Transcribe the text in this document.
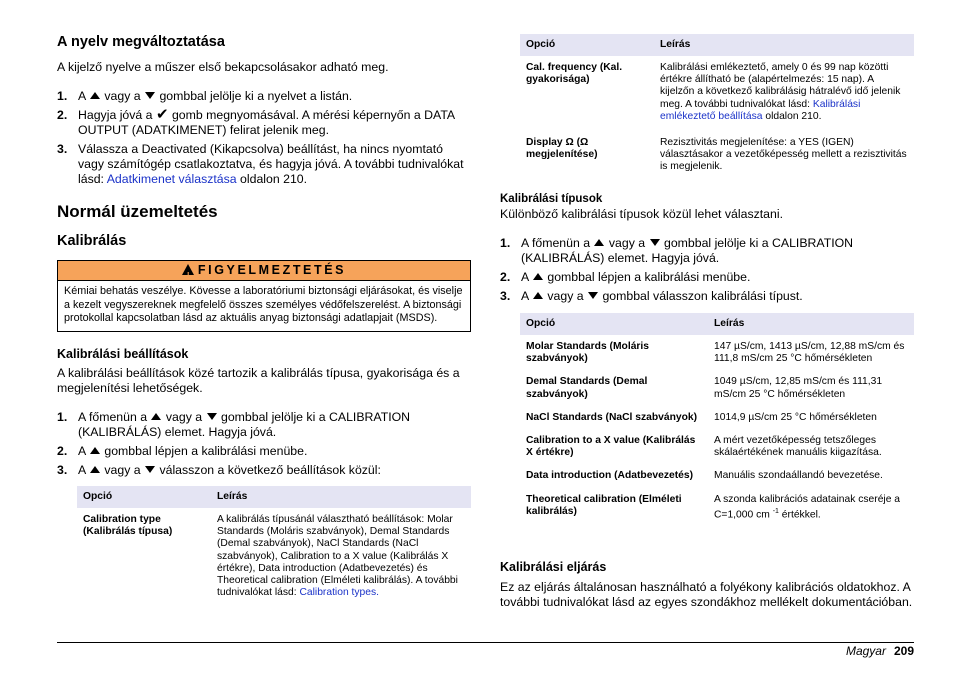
A nyelv megváltoztatása

A kijelző nyelve a műszer első bekapcsolásakor adható meg.

1. A vagy a gombbal jelölje ki a nyelvet a listán.
2. Hagyja jóvá a ✔ gomb megnyomásával. A mérési képernyőn a DATA OUTPUT (ADATKIMENET) felirat jelenik meg.
3. Válassza a Deactivated (Kikapcsolva) beállítást, ha nincs nyomtató vagy számítógép csatlakoztatva, és hagyja jóvá. A további tudnivalókat lásd: Adatkimenet választása oldalon 210.
Normál üzemeltetés
Kalibrálás
! FIGYELMEZTETÉS
Kémiai behatás veszélye. Kövesse a laboratóriumi biztonsági eljárásokat, és viselje a kezelt vegyszereknek megfelelő összes személyes védőfelszerelést. A biztonsági protokollal kapcsolatban lásd az aktuális anyag biztonsági adatlapjait (MSDS).
Kalibrálási beállítások

A kalibrálási beállítások közé tartozik a kalibrálás típusa, gyakorisága és a megjelenítési lehetőségek.

1. A főmenün a vagy a gombbal jelölje ki a CALIBRATION (KALIBRÁLÁS) elemet. Hagyja jóvá.
2. A gombbal lépjen a kalibrálási menübe.
3. A vagy a válasszon a következő beállítások közül:
Opció	Leírás
Calibration type (Kalibrálás típusa)	A kalibrálás típusánál választható beállítások: Molar Standards (Moláris szabványok), Demal Standards (Demal szabványok), NaCl Standards (NaCl szabványok), Calibration to a X value (Kalibrálás X értékre), Data introduction (Adatbevezetés) és Theoretical calibration (Elméleti kalibrálás). A további tudnivalókat lásd: Calibration types.
Opció	Leírás
Cal. frequency (Kal. gyakorisága)	Kalibrálási emlékeztető, amely 0 és 99 nap közötti értékre állítható be (alapértelmezés: 15 nap). A kijelzőn a következő kalibrálásig hátralévő idő jelenik meg. A további tudnivalókat lásd: Kalibrálási emlékeztető beállítása oldalon 210.
Display Ω (Ω megjelenítése)	Rezisztivitás megjelenítése: a YES (IGEN) választásakor a vezetőképesség mellett a rezisztivitás is megjelenik.
Kalibrálási típusok

Különböző kalibrálási típusok közül lehet választani.

1. A főmenün a vagy a gombbal jelölje ki a CALIBRATION (KALIBRÁLÁS) elemet. Hagyja jóvá.
2. A gombbal lépjen a kalibrálási menübe.
3. A vagy a gombbal válasszon kalibrálási típust.
Opció	Leírás
Molar Standards (Moláris szabványok)	147 µS/cm, 1413 µS/cm, 12,88 mS/cm és 111,8 mS/cm 25 °C hőmérsékleten
Demal Standards (Demal szabványok)	1049 µS/cm, 12,85 mS/cm és 111,31 mS/cm 25 °C hőmérsékleten
NaCl Standards (NaCl szabványok)	1014,9 µS/cm 25 °C hőmérsékleten
Calibration to a X value (Kalibrálás X értékre)	A mért vezetőképesség tetszőleges skálaértékének manuális kiigazítása.
Data introduction (Adatbevezetés)	Manuális szondaállandó bevezetése.
Theoretical calibration (Elméleti kalibrálás)	A szonda kalibrációs adatainak cseréje a C=1,000 cm $^{-1}$ értékkel.
Kalibrálási eljárás

Ez az eljárás általánosan használható a folyékony kalibrációs oldatokhoz. A további tudnivalókat lásd az egyes szondákhoz mellékelt dokumentációban.

Magyar 209
